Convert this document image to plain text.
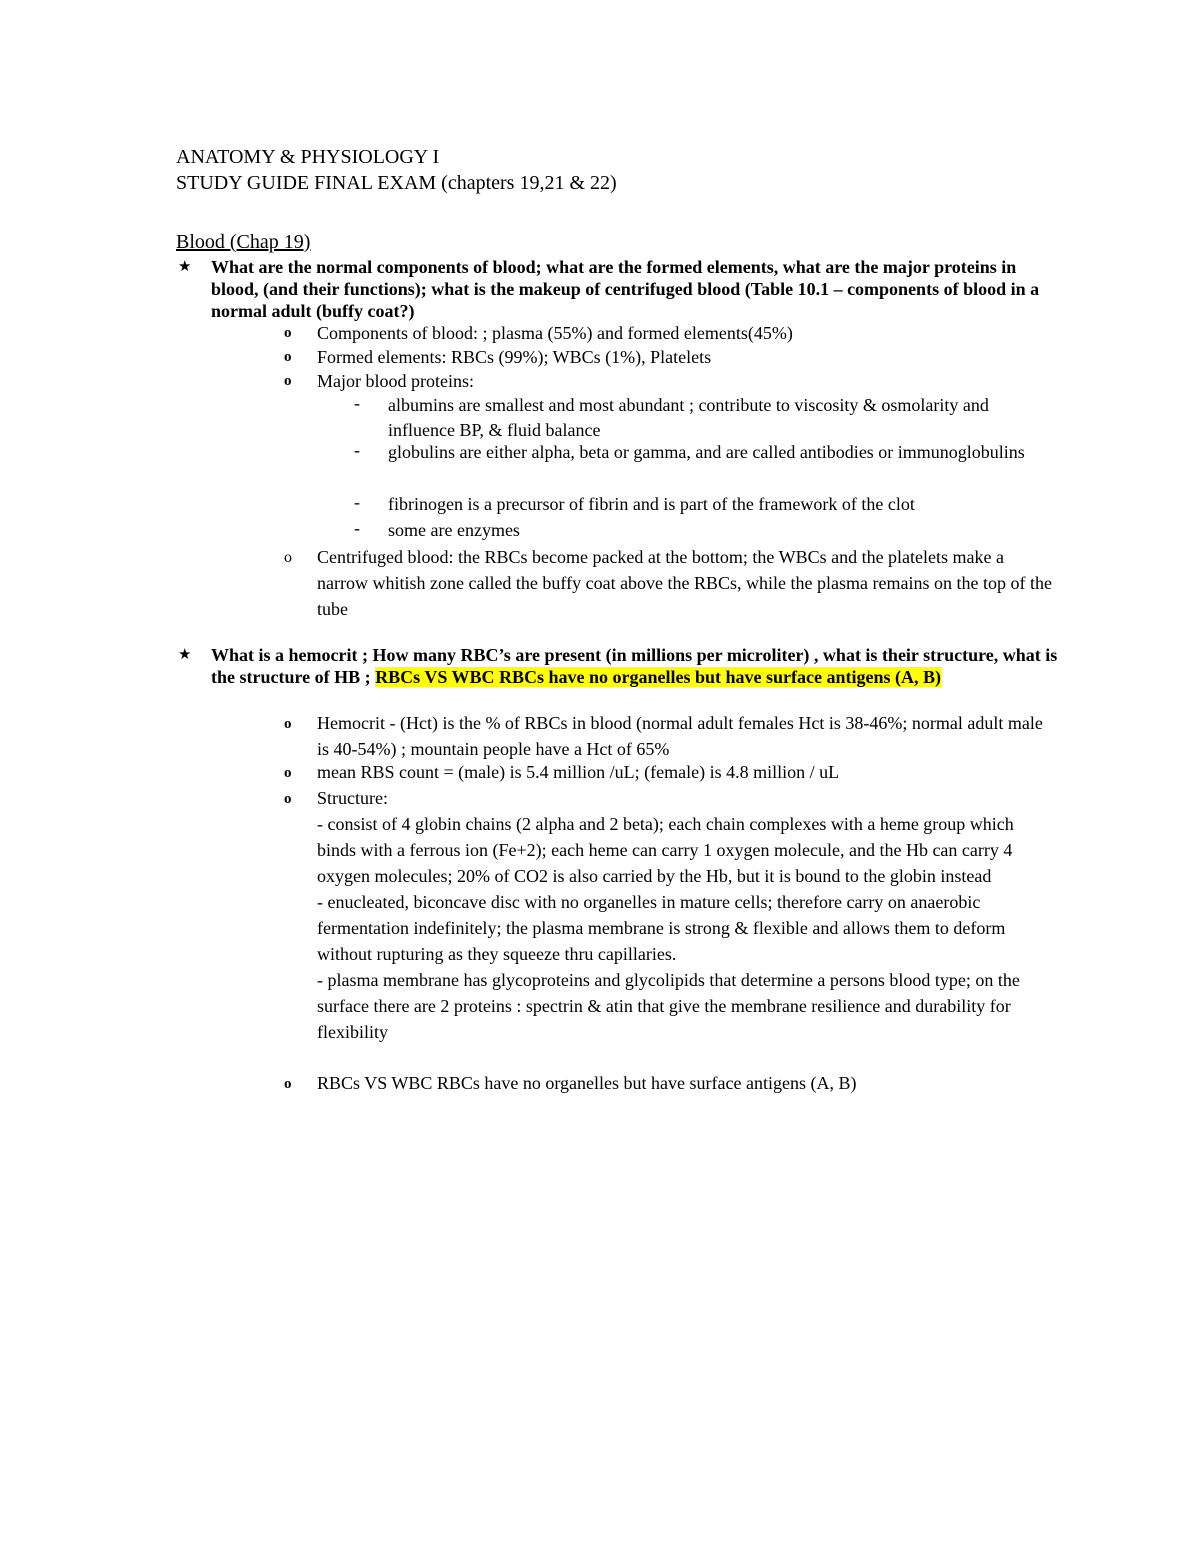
ANATOMY & PHYSIOLOGY I
STUDY GUIDE FINAL EXAM (chapters 19,21 & 22)
Blood (Chap 19)
★ What are the normal components of blood; what are the formed elements, what are the major proteins in blood, (and their functions); what is the makeup of centrifuged blood (Table 10.1 – components of blood in a normal adult (buffy coat?)
o Components of blood: ; plasma (55%) and formed elements(45%)
o Formed elements: RBCs (99%); WBCs (1%), Platelets
o Major blood proteins:
- albumins are smallest and most abundant ; contribute to viscosity & osmolarity and influence BP, & fluid balance
- globulins are either alpha, beta or gamma, and are called antibodies or immunoglobulins
- fibrinogen is a precursor of fibrin and is part of the framework of the clot
- some are enzymes
o Centrifuged blood: the RBCs become packed at the bottom; the WBCs and the platelets make a narrow whitish zone called the buffy coat above the RBCs, while the plasma remains on the top of the tube
★ What is a hemocrit ; How many RBC’s are present (in millions per microliter) , what is their structure, what is the structure of HB ; RBCs VS WBC RBCs have no organelles but have surface antigens (A, B)
o Hemocrit - (Hct) is the % of RBCs in blood (normal adult females Hct is 38-46%; normal adult male is 40-54%) ; mountain people have a Hct of 65%
o mean RBS count = (male) is 5.4 million /uL; (female) is 4.8 million / uL
o Structure:
- consist of 4 globin chains (2 alpha and 2 beta); each chain complexes with a heme group which binds with a ferrous ion (Fe+2); each heme can carry 1 oxygen molecule, and the Hb can carry 4 oxygen molecules; 20% of CO2 is also carried by the Hb, but it is bound to the globin instead
- enucleated, biconcave disc with no organelles in mature cells; therefore carry on anaerobic fermentation indefinitely; the plasma membrane is strong & flexible and allows them to deform without rupturing as they squeeze thru capillaries.
- plasma membrane has glycoproteins and glycolipids that determine a persons blood type; on the surface there are 2 proteins : spectrin & atin that give the membrane resilience and durability for flexibility
o RBCs VS WBC RBCs have no organelles but have surface antigens (A, B)
